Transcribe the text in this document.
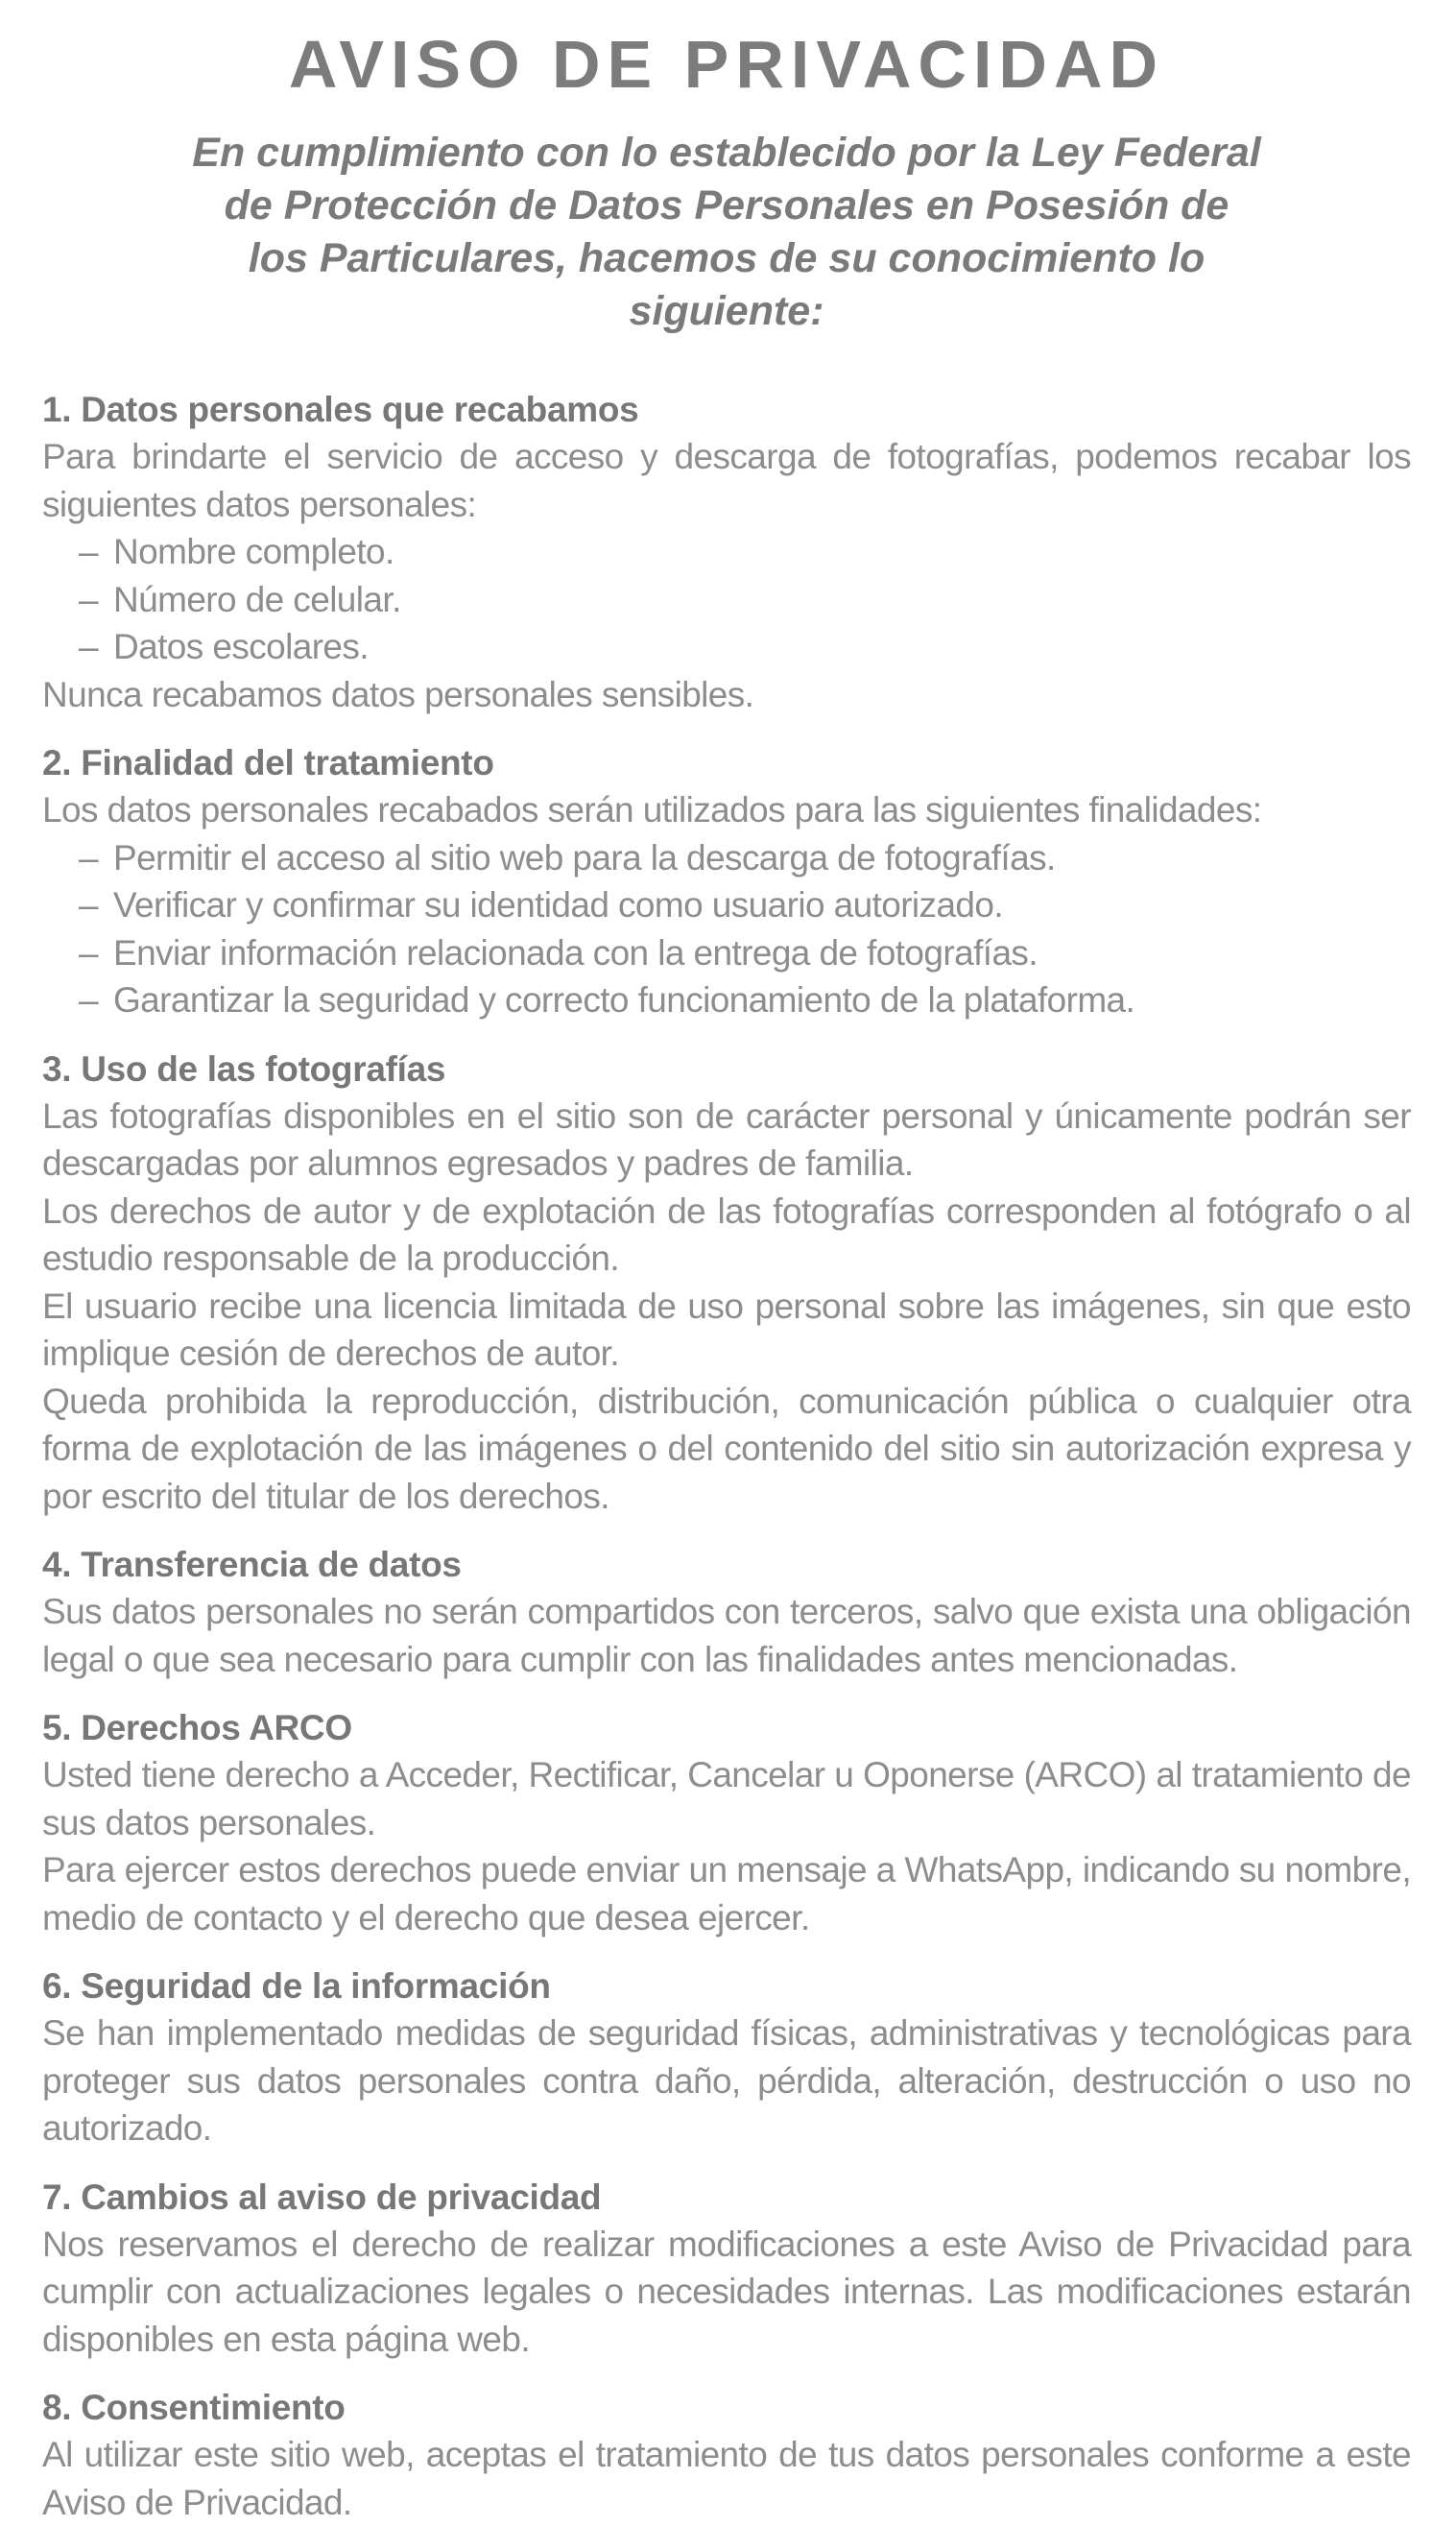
AVISO DE PRIVACIDAD

En cumplimiento con lo establecido por la Ley Federal de Protección de Datos Personales en Posesión de los Particulares, hacemos de su conocimiento lo siguiente:

1. Datos personales que recabamos

Para brindarte el servicio de acceso y descarga de fotografías, podemos recabar los siguientes datos personales:

– Nombre completo.
– Número de celular.
– Datos escolares.

Nunca recabamos datos personales sensibles.

2. Finalidad del tratamiento

Los datos personales recabados serán utilizados para las siguientes finalidades:

– Permitir el acceso al sitio web para la descarga de fotografías.
– Verificar y confirmar su identidad como usuario autorizado.
– Enviar información relacionada con la entrega de fotografías.
– Garantizar la seguridad y correcto funcionamiento de la plataforma.
3. Uso de las fotografías

Las fotografías disponibles en el sitio son de carácter personal y únicamente podrán ser descargadas por alumnos egresados y padres de familia.

Los derechos de autor y de explotación de las fotografías corresponden al fotógrafo o al estudio responsable de la producción.

El usuario recibe una licencia limitada de uso personal sobre las imágenes, sin que esto implique cesión de derechos de autor.

Queda prohibida la reproducción, distribución, comunicación pública o cualquier otra forma de explotación de las imágenes o del contenido del sitio sin autorización expresa y por escrito del titular de los derechos.

4. Transferencia de datos

Sus datos personales no serán compartidos con terceros, salvo que exista una obligación legal o que sea necesario para cumplir con las finalidades antes mencionadas.

5. Derechos ARCO

Usted tiene derecho a Acceder, Rectificar, Cancelar u Oponerse (ARCO) al tratamiento de sus datos personales.

Para ejercer estos derechos puede enviar un mensaje a WhatsApp, indicando su nombre, medio de contacto y el derecho que desea ejercer.

6. Seguridad de la información

Se han implementado medidas de seguridad físicas, administrativas y tecnológicas para proteger sus datos personales contra daño, pérdida, alteración, destrucción o uso no autorizado.

7. Cambios al aviso de privacidad

Nos reservamos el derecho de realizar modificaciones a este Aviso de Privacidad para cumplir con actualizaciones legales o necesidades internas. Las modificaciones estarán disponibles en esta página web.

8. Consentimiento

Al utilizar este sitio web, aceptas el tratamiento de tus datos personales conforme a este Aviso de Privacidad.
